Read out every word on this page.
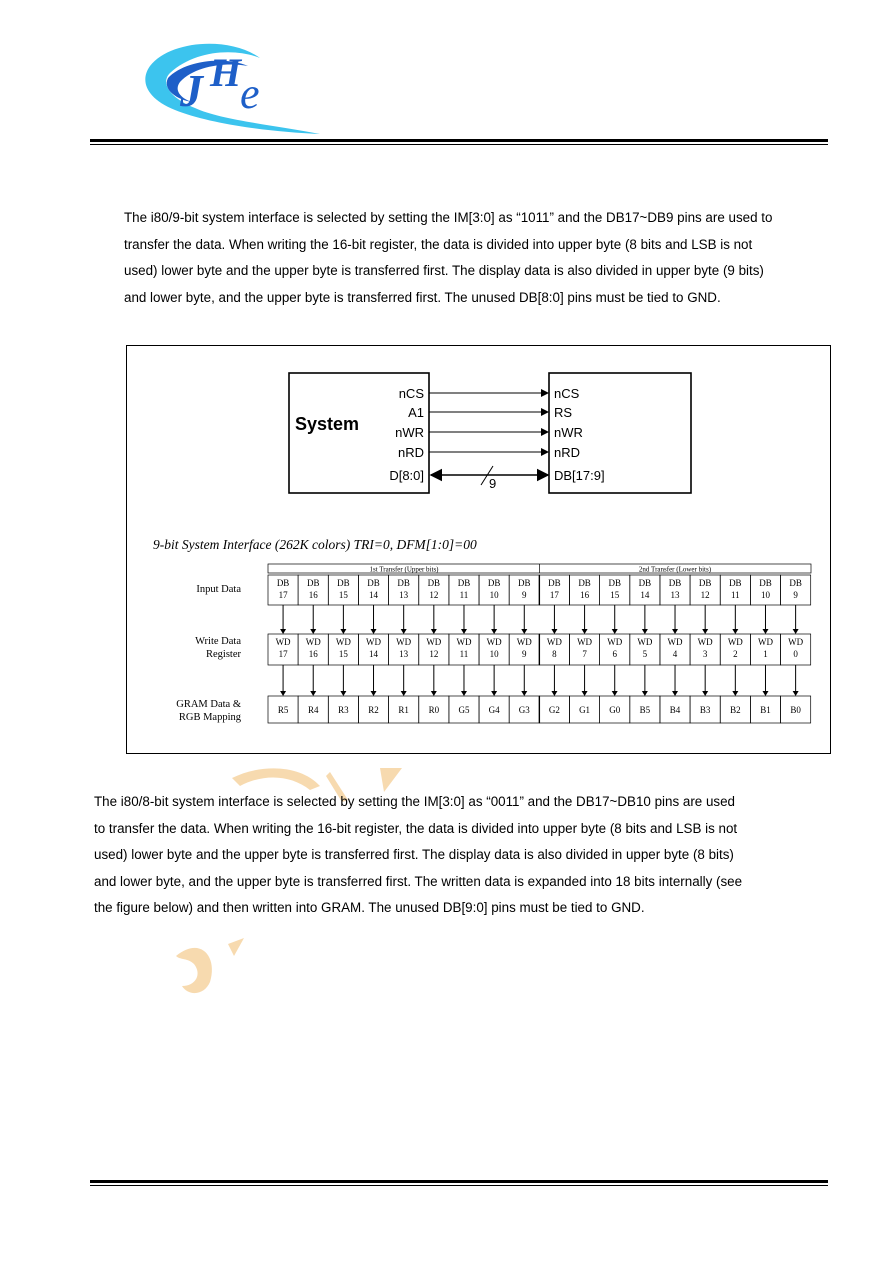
J H
e
The i80/9-bit system interface is selected by setting the IM[3:0] as “1011” and the DB17~DB9 pins are used to
transfer the data. When writing the 16-bit register, the data is divided into upper byte (8 bits and LSB is not
used) lower byte and the upper byte is transferred first. The display data is also divided in upper byte (9 bits)
and lower byte, and the upper byte is transferred first. The unused DB[8:0] pins must be tied to GND.
System
nCS
A1
nWR
nRD
D[8:0]
nCS
RS
nWR
nRD
DB[17:9]
9
9-bit System Interface (262K colors) TRI=0, DFM[1:0]=00
1st Transfer (Upper bits)	2nd Transfer (Lower bits)
Input Data
Write Data
Register
GRAM Data &
RGB Mapping
DB
17
DB
16
DB
15
DB
14
DB
13
DB
12
DB
11
DB
10
DB
9
DB
17
DB
16
DB
15
DB
14
DB
13
DB
12
DB
11
DB
10
DB
9
WD
17
WD
16
WD
15
WD
14
WD
13
WD
12
WD
11
WD
10
WD
9
WD
8
WD
7
WD
6
WD
5
WD
4
WD
3
WD
2
WD
1
WD
0
R5 R4 R3 R2 R1 R0 G5 G4 G3 G2 G1 G0 B5 B4 B3 B2 B1 B0
The i80/8-bit system interface is selected by setting the IM[3:0] as “0011” and the DB17~DB10 pins are used
to transfer the data. When writing the 16-bit register, the data is divided into upper byte (8 bits and LSB is not
used) lower byte and the upper byte is transferred first. The display data is also divided in upper byte (8 bits)
and lower byte, and the upper byte is transferred first. The written data is expanded into 18 bits internally (see
the figure below) and then written into GRAM. The unused DB[9:0] pins must be tied to GND.
